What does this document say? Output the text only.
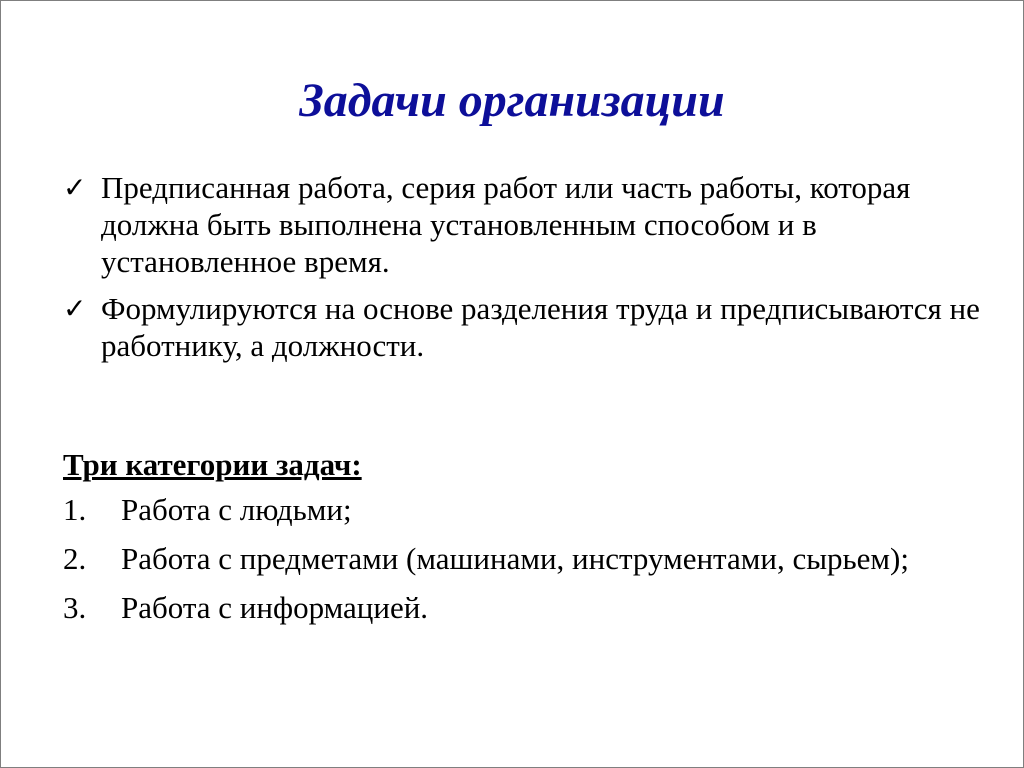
Задачи организации
✓ Предписанная работа, серия работ или часть работы, которая должна быть выполнена установленным способом и в установленное время.
✓ Формулируются на основе разделения труда и предписываются не работнику, а должности.
Три категории задач:
1. Работа с людьми;
2. Работа с предметами (машинами, инструментами, сырьем);
3. Работа с информацией.
